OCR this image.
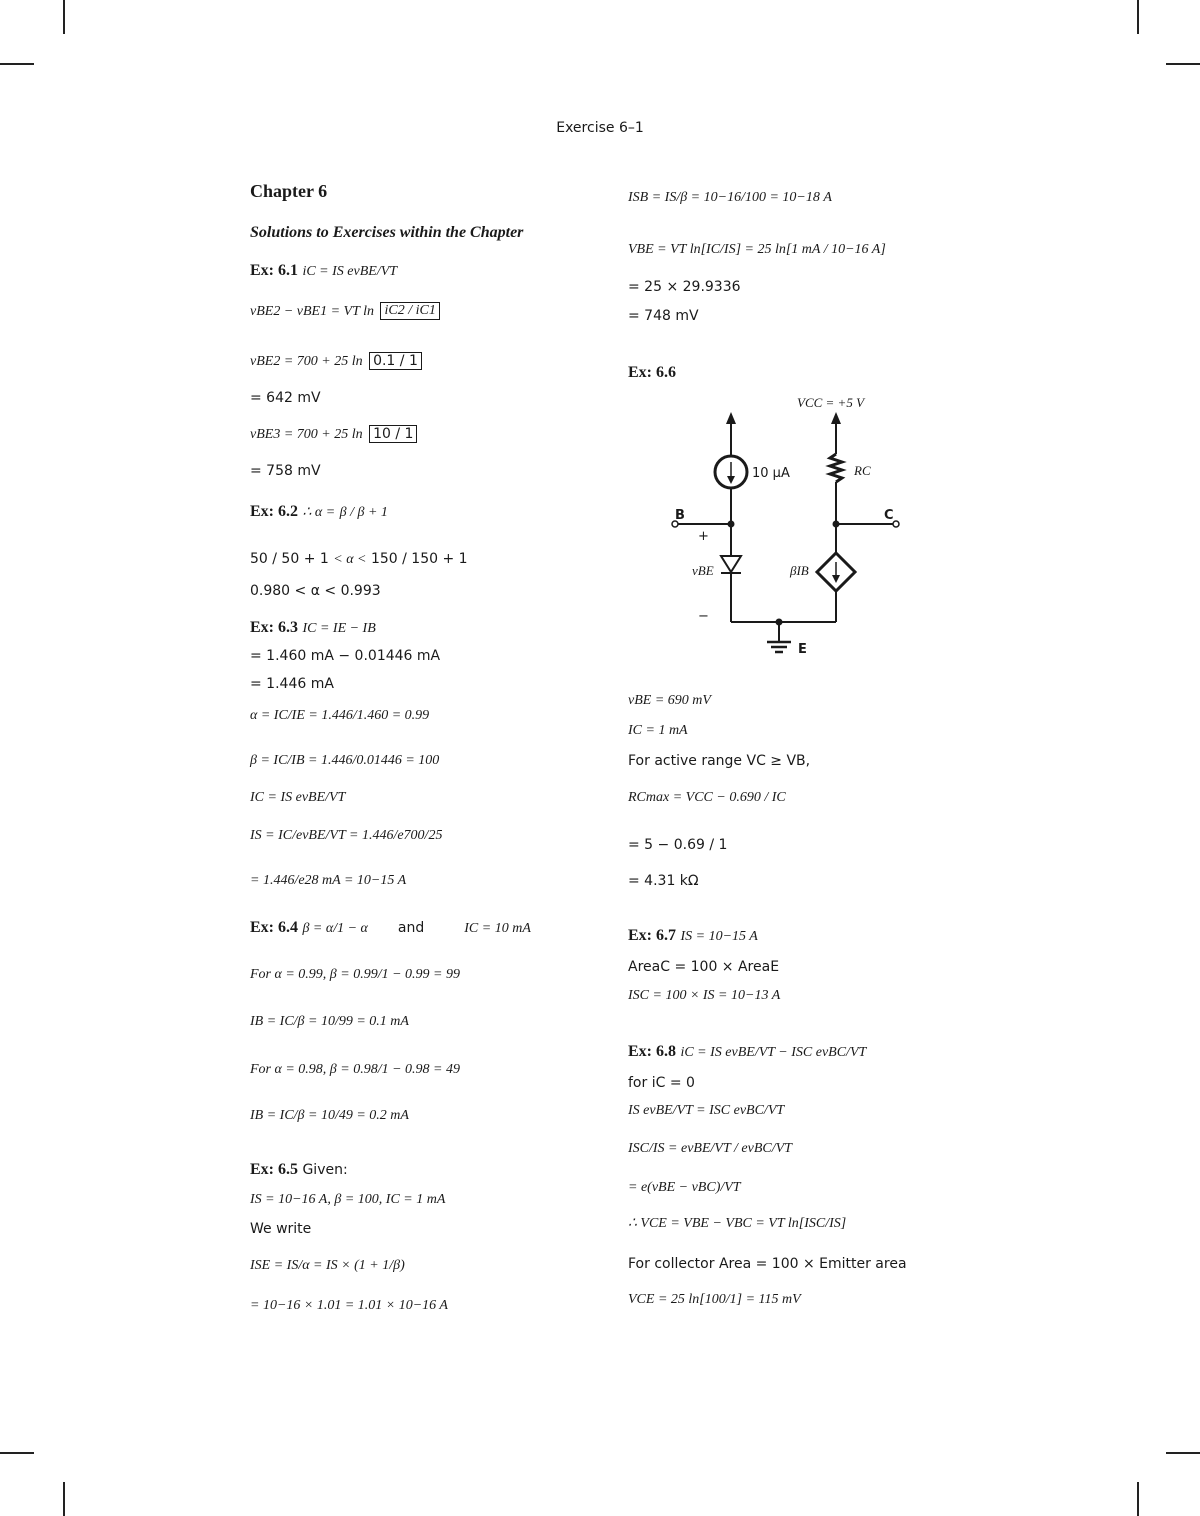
Exercise 6–1
Chapter 6
Solutions to Exercises within the Chapter
Ex: 6.1 iC = IS evBE/VT
vBE2 − vBE1 = VT ln iC2 / iC1
vBE2 = 700 + 25 ln 0.1 / 1
= 642 mV
vBE3 = 700 + 25 ln 10 / 1
= 758 mV
Ex: 6.2 ∴ α = β / β + 1
50 / 50 + 1 < α < 150 / 150 + 1
0.980 < α < 0.993
Ex: 6.3 IC = IE − IB
= 1.460 mA − 0.01446 mA
= 1.446 mA
α = IC/IE = 1.446/1.460 = 0.99
β = IC/IB = 1.446/0.01446 = 100
IC = IS evBE/VT
IS = IC/evBE/VT = 1.446/e700/25
= 1.446/e28 mA = 10−15 A
Ex: 6.4 β = α/1 − α and	IC = 10 mA
For α = 0.99, β = 0.99/1 − 0.99 = 99
IB = IC/β = 10/99 = 0.1 mA
For α = 0.98, β = 0.98/1 − 0.98 = 49
IB = IC/β = 10/49 = 0.2 mA
Ex: 6.5 Given:
IS = 10−16 A, β = 100, IC = 1 mA
We write
ISE = IS/α = IS × (1 + 1/β)
= 10−16 × 1.01 = 1.01 × 10−16 A
ISB = IS/β = 10−16/100 = 10−18 A
VBE = VT ln[IC/IS] = 25 ln[1 mA / 10−16 A]
= 25 × 29.9336
= 748 mV
Ex: 6.6
vBE = 690 mV
IC = 1 mA
For active range VC ≥ VB,
RCmax = VCC − 0.690 / IC
= 5 − 0.69 / 1
= 4.31 kΩ
Ex: 6.7 IS = 10−15 A
AreaC = 100 × AreaE
ISC = 100 × IS = 10−13 A
Ex: 6.8 iC = IS evBE/VT − ISC evBC/VT
for iC = 0
IS evBE/VT = ISC evBC/VT
ISC/IS = evBE/VT / evBC/VT
= e(vBE − vBC)/VT
∴ VCE = VBE − VBC = VT ln[ISC/IS]
For collector Area = 100 × Emitter area
VCE = 25 ln[100/1] = 115 mV
VCC = +5 V
10 μA	RC
B	C
+
vBE	βIB
−
E
